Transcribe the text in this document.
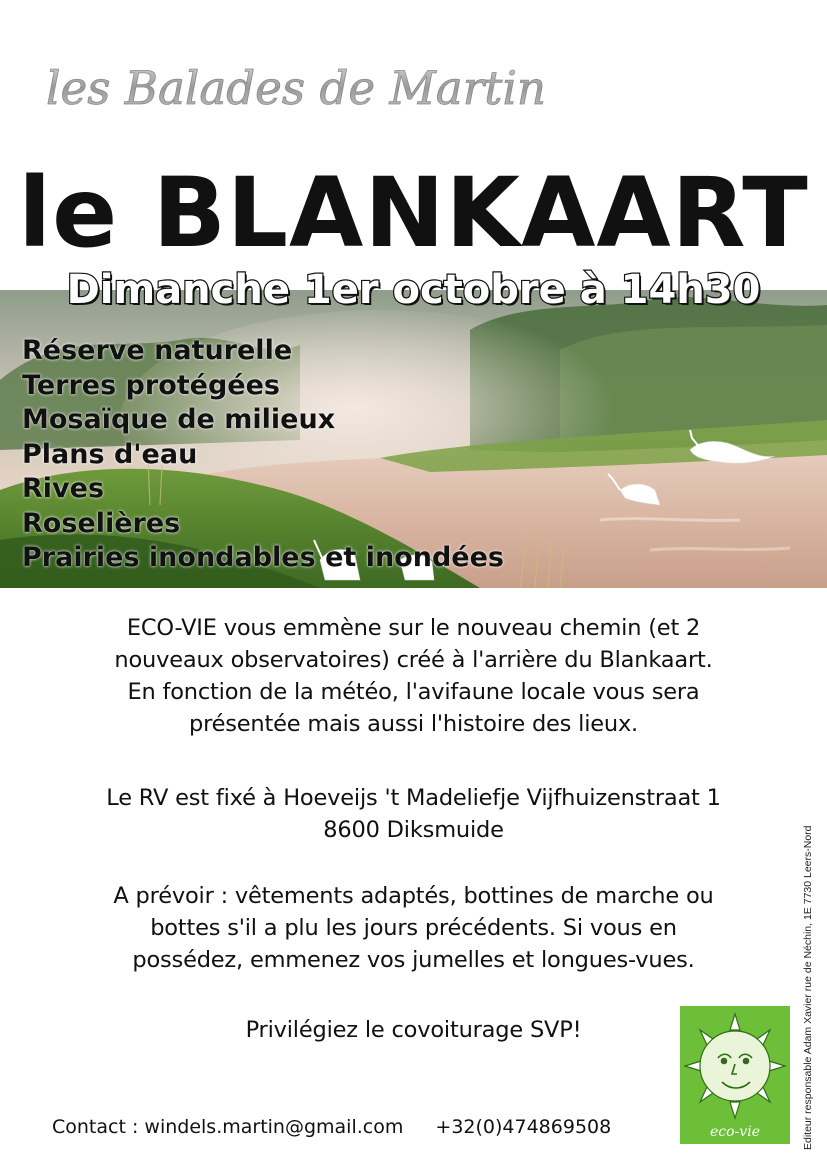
les Balades de Martin
le BLANKAART
Dimanche 1er octobre à 14h30
Réserve naturelle
Terres protégées
Mosaïque de milieux
Plans d'eau
Rives
Roselières
Prairies inondables et inondées
ECO-VIE vous emmène sur le nouveau chemin (et 2
nouveaux observatoires) créé à l'arrière du Blankaart.
En fonction de la météo, l'avifaune locale vous sera
présentée mais aussi l'histoire des lieux.
Le RV est fixé à Hoeveijs 't Madeliefje Vijfhuizenstraat 1
8600 Diksmuide
A prévoir : vêtements adaptés, bottines de marche ou
bottes s'il a plu les jours précédents. Si vous en
possédez, emmenez vos jumelles et longues-vues.
Privilégiez le covoiturage SVP!
Contact : windels.martin@gmail.com +32(0)474869508	Editeur responsable Adam Xavier rue de Néchin, 1E 7730 Leers-Nord
eco-vie
